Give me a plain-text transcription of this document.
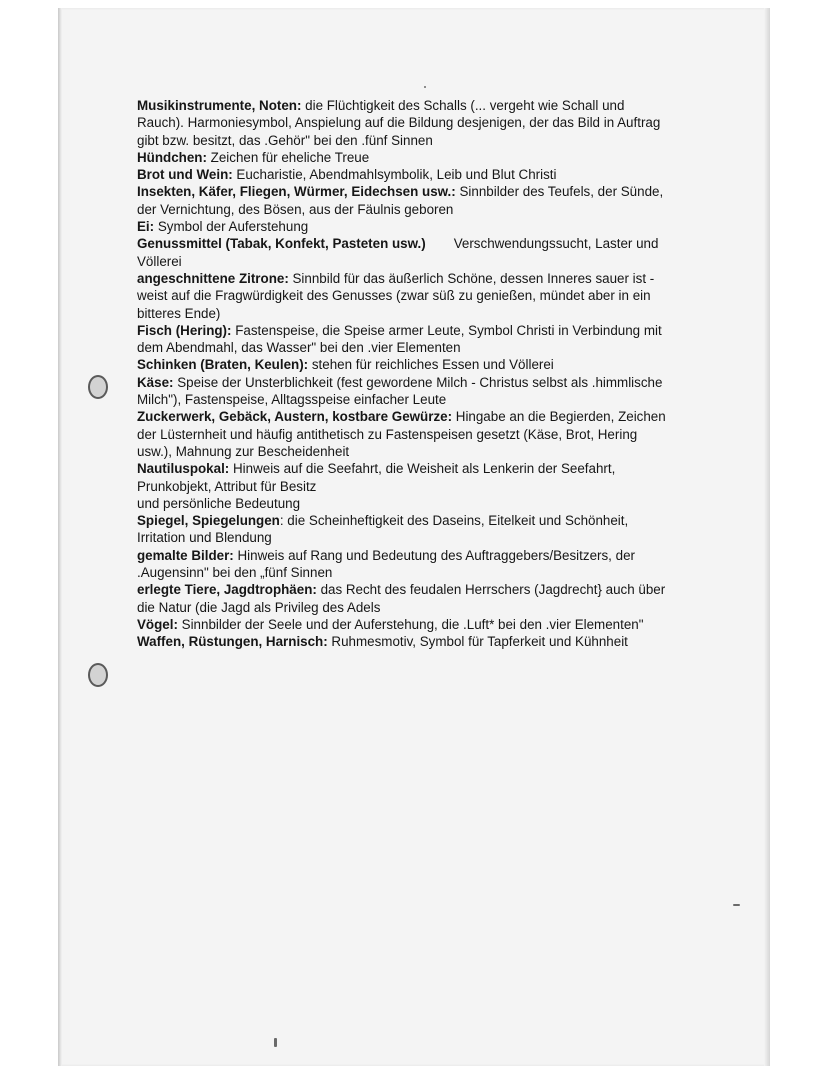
Musikinstrumente, Noten: die Flüchtigkeit des Schalls (... vergeht wie Schall und Rauch). Harmoniesymbol, Anspielung auf die Bildung desjenigen, der das Bild in Auftrag gibt bzw. besitzt, das .Gehör" bei den .fünf Sinnen

Hündchen: Zeichen für eheliche Treue

Brot und Wein: Eucharistie, Abendmahlsymbolik, Leib und Blut Christi

Insekten, Käfer, Fliegen, Würmer, Eidechsen usw.: Sinnbilder des Teufels, der Sünde, der Vernichtung, des Bösen, aus der Fäulnis geboren

Ei: Symbol der Auferstehung

Genussmittel (Tabak, Konfekt, Pasteten usw.) Verschwendungssucht, Laster und Völlerei

angeschnittene Zitrone: Sinnbild für das äußerlich Schöne, dessen Inneres sauer ist - weist auf die Fragwürdigkeit des Genusses (zwar süß zu genießen, mündet aber in ein bitteres Ende)

Fisch (Hering): Fastenspeise, die Speise armer Leute, Symbol Christi in Verbindung mit dem Abendmahl, das Wasser" bei den .vier Elementen

Schinken (Braten, Keulen): stehen für reichliches Essen und Völlerei

Käse: Speise der Unsterblichkeit (fest gewordene Milch - Christus selbst als .himmlische Milch"), Fastenspeise, Alltagsspeise einfacher Leute

Zuckerwerk, Gebäck, Austern, kostbare Gewürze: Hingabe an die Begierden, Zeichen der Lüsternheit und häufig antithetisch zu Fastenspeisen gesetzt (Käse, Brot, Hering usw.), Mahnung zur Bescheidenheit

Nautiluspokal: Hinweis auf die Seefahrt, die Weisheit als Lenkerin der Seefahrt, Prunkobjekt, Attribut für Besitz

und persönliche Bedeutung

Spiegel, Spiegelungen: die Scheinheftigkeit des Daseins, Eitelkeit und Schönheit, Irritation und Blendung

gemalte Bilder: Hinweis auf Rang und Bedeutung des Auftraggebers/Besitzers, der .Augensinn" bei den „fünf Sinnen

erlegte Tiere, Jagdtrophäen: das Recht des feudalen Herrschers (Jagdrecht} auch über die Natur (die Jagd als Privileg des Adels

Vögel: Sinnbilder der Seele und der Auferstehung, die .Luft* bei den .vier Elementen"

Waffen, Rüstungen, Harnisch: Ruhmesmotiv, Symbol für Tapferkeit und Kühnheit
